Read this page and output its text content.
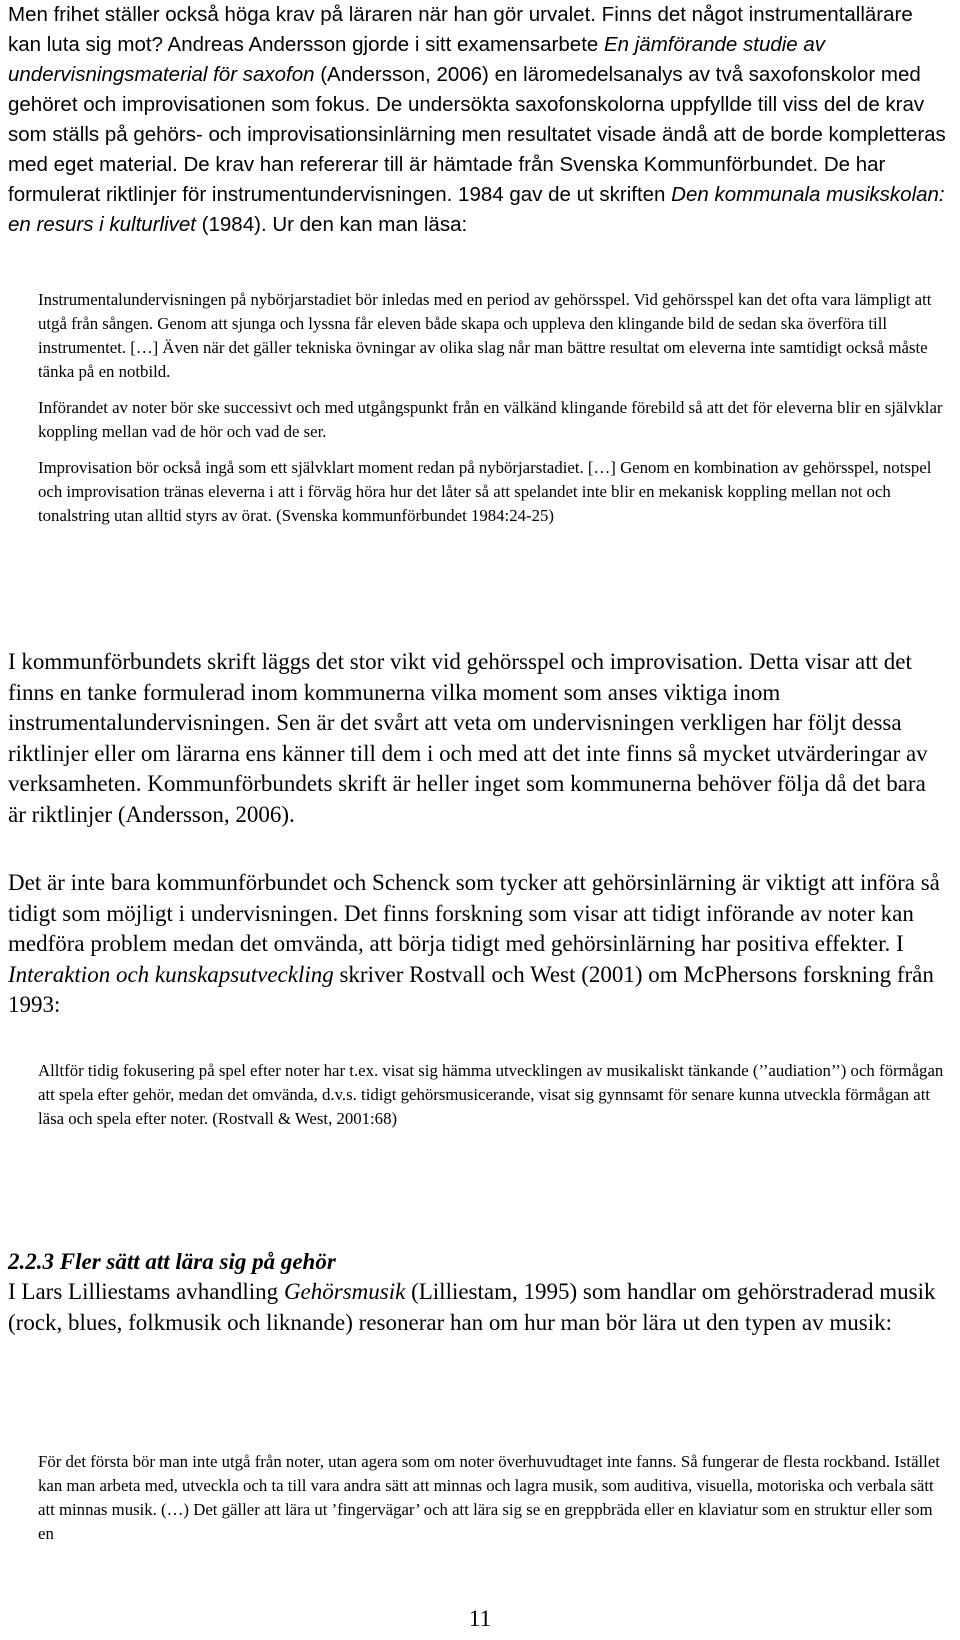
Men frihet ställer också höga krav på läraren när han gör urvalet. Finns det något instrumentallärare kan luta sig mot? Andreas Andersson gjorde i sitt examensarbete En jämförande studie av undervisningsmaterial för saxofon (Andersson, 2006) en läromedelsanalys av två saxofonskolor med gehöret och improvisationen som fokus. De undersökta saxofonskolorna uppfyllde till viss del de krav som ställs på gehörs- och improvisationsinlärning men resultatet visade ändå att de borde kompletteras med eget material. De krav han refererar till är hämtade från Svenska Kommunförbundet. De har formulerat riktlinjer för instrumentundervisningen. 1984 gav de ut skriften Den kommunala musikskolan: en resurs i kulturlivet (1984). Ur den kan man läsa:

Instrumentalundervisningen på nybörjarstadiet bör inledas med en period av gehörsspel. Vid gehörsspel kan det ofta vara lämpligt att utgå från sången. Genom att sjunga och lyssna får eleven både skapa och uppleva den klingande bild de sedan ska överföra till instrumentet. […] Även när det gäller tekniska övningar av olika slag når man bättre resultat om eleverna inte samtidigt också måste tänka på en notbild.

Införandet av noter bör ske successivt och med utgångspunkt från en välkänd klingande förebild så att det för eleverna blir en självklar koppling mellan vad de hör och vad de ser.

Improvisation bör också ingå som ett självklart moment redan på nybörjarstadiet. […] Genom en kombination av gehörsspel, notspel och improvisation tränas eleverna i att i förväg höra hur det låter så att spelandet inte blir en mekanisk koppling mellan not och tonalstring utan alltid styrs av örat. (Svenska kommunförbundet 1984:24-25)

I kommunförbundets skrift läggs det stor vikt vid gehörsspel och improvisation. Detta visar att det finns en tanke formulerad inom kommunerna vilka moment som anses viktiga inom instrumentalundervisningen. Sen är det svårt att veta om undervisningen verkligen har följt dessa riktlinjer eller om lärarna ens känner till dem i och med att det inte finns så mycket utvärderingar av verksamheten. Kommunförbundets skrift är heller inget som kommunerna behöver följa då det bara är riktlinjer (Andersson, 2006).

Det är inte bara kommunförbundet och Schenck som tycker att gehörsinlärning är viktigt att införa så tidigt som möjligt i undervisningen. Det finns forskning som visar att tidigt införande av noter kan medföra problem medan det omvända, att börja tidigt med gehörsinlärning har positiva effekter. I Interaktion och kunskapsutveckling skriver Rostvall och West (2001) om McPhersons forskning från 1993:

Alltför tidig fokusering på spel efter noter har t.ex. visat sig hämma utvecklingen av musikaliskt tänkande (’’audiation’’) och förmågan att spela efter gehör, medan det omvända, d.v.s. tidigt gehörsmusicerande, visat sig gynnsamt för senare kunna utveckla förmågan att läsa och spela efter noter. (Rostvall & West, 2001:68)

2.2.3 Fler sätt att lära sig på gehör

I Lars Lilliestams avhandling Gehörsmusik (Lilliestam, 1995) som handlar om gehörstraderad musik (rock, blues, folkmusik och liknande) resonerar han om hur man bör lära ut den typen av musik:

För det första bör man inte utgå från noter, utan agera som om noter överhuvudtaget inte fanns. Så fungerar de flesta rockband. Istället kan man arbeta med, utveckla och ta till vara andra sätt att minnas och lagra musik, som auditiva, visuella, motoriska och verbala sätt att minnas musik. (…) Det gäller att lära ut ’fingervägar’ och att lära sig se en greppbräda eller en klaviatur som en struktur eller som en

11
